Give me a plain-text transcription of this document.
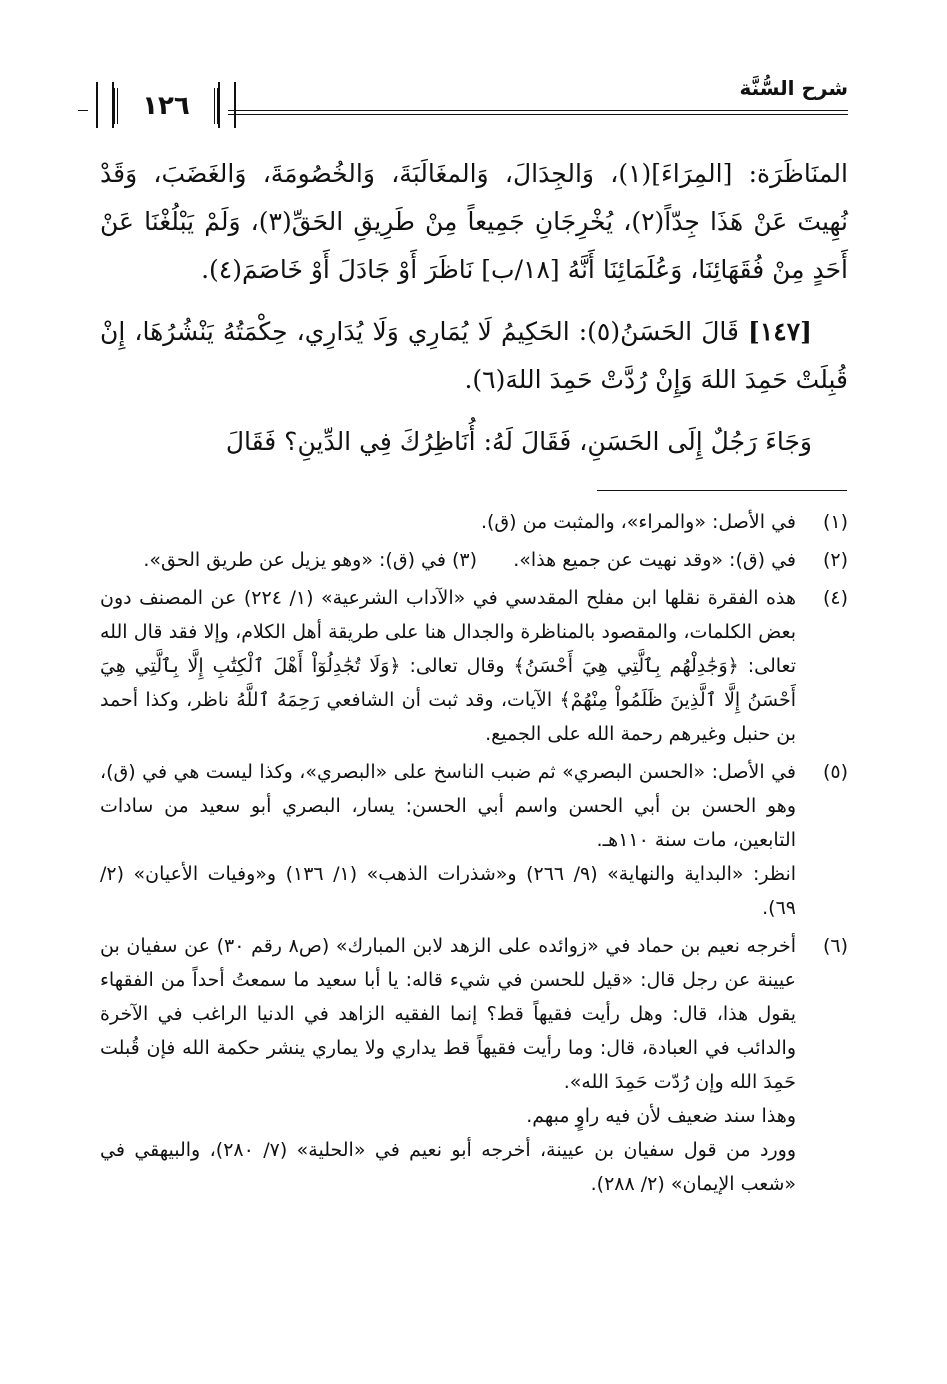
شرح السُّنَّة
١٢٦

المنَاظَرَة: [المِرَاءَ](١)، وَالجِدَالَ، وَالمغَالَبَةَ، وَالخُصُومَةَ، وَالغَضَبَ، وَقَدْ نُهِيتَ عَنْ هَذَا جِدّاً(٢)، يُخْرِجَانِ جَمِيعاً مِنْ طَرِيقِ الحَقِّ(٣)، وَلَمْ يَبْلُغْنَا عَنْ أَحَدٍ مِنْ فُقَهَائِنَا، وَعُلَمَائِنَا أَنَّهُ [١٨/ب] نَاظَرَ أَوْ جَادَلَ أَوْ خَاصَمَ(٤).

[١٤٧] قَالَ الحَسَنُ(٥): الحَكِيمُ لَا يُمَارِي وَلَا يُدَارِي، حِكْمَتُهُ يَنْشُرُهَا، إِنْ قُبِلَتْ حَمِدَ اللهَ وَإِنْ رُدَّتْ حَمِدَ اللهَ(٦).

وَجَاءَ رَجُلٌ إِلَى الحَسَنِ، فَقَالَ لَهُ: أُنَاظِرُكَ فِي الدِّينِ؟ فَقَالَ

(١)
في الأصل: «والمراء»، والمثبت من (ق).
(٢)
في (ق): «وقد نهيت عن جميع هذا».      (٣) في (ق): «وهو يزيل عن طريق الحق».
(٤)
هذه الفقرة نقلها ابن مفلح المقدسي في «الآداب الشرعية» (١/ ٢٢٤) عن المصنف دون بعض الكلمات، والمقصود بالمناظرة والجدال هنا على طريقة أهل الكلام، وإلا فقد قال الله تعالى: ﴿وَجَٰدِلْهُم بِٱلَّتِي هِيَ أَحْسَنُ﴾ وقال تعالى: ﴿وَلَا تُجَٰدِلُوٓاْ أَهْلَ ٱلْكِتَٰبِ إِلَّا بِٱلَّتِي هِيَ أَحْسَنُ إِلَّا ٱلَّذِينَ ظَلَمُواْ مِنْهُمْ﴾ الآيات، وقد ثبت أن الشافعي رَحِمَهُ ٱللَّهُ ناظر، وكذا أحمد بن حنبل وغيرهم رحمة الله على الجميع.
(٥)
في الأصل: «الحسن البصري» ثم ضبب الناسخ على «البصري»، وكذا ليست هي في (ق)، وهو الحسن بن أبي الحسن واسم أبي الحسن: يسار، البصري أبو سعيد من سادات التابعين، مات سنة ١١٠هـ.
انظر: «البداية والنهاية» (٩/ ٢٦٦) و«شذرات الذهب» (١/ ١٣٦) و«وفيات الأعيان» (٢/ ٦٩).
(٦)
أخرجه نعيم بن حماد في «زوائده على الزهد لابن المبارك» (ص٨ رقم ٣٠) عن سفيان بن عيينة عن رجل قال: «قيل للحسن في شيء قاله: يا أبا سعيد ما سمعتُ أحداً من الفقهاء يقول هذا، قال: وهل رأيت فقيهاً قط؟ إنما الفقيه الزاهد في الدنيا الراغب في الآخرة والدائب في العبادة، قال: وما رأيت فقيهاً قط يداري ولا يماري ينشر حكمة الله فإن قُبلت حَمِدَ الله وإن رُدّت حَمِدَ الله».
وهذا سند ضعيف لأن فيه راوٍ مبهم.
وورد من قول سفيان بن عيينة، أخرجه أبو نعيم في «الحلية» (٧/ ٢٨٠)، والبيهقي في «شعب الإيمان» (٢/ ٢٨٨).
